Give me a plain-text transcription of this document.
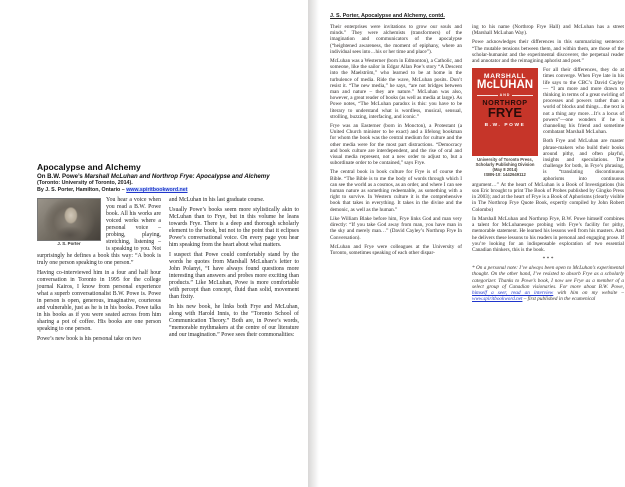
Apocalypse and Alchemy
On B.W. Powe’s Marshall McLuhan and Northrop Frye: Apocalypse and Alchemy
(Toronto: University of Toronto, 2014).
By J. S. Porter, Hamilton, Ontario – www.spiritbookword.net
J. S. Porter

You hear a voice when you read a B.W. Powe book. All his works are voiced works where a personal voice – probing, playing, stretching, listening – is speaking to you. Not surprisingly he defines a book this way: “A book is truly one person speaking to one person.”

Having co-interviewed him in a four and half hour conversation in Toronto in 1995 for the college journal Kairos, I know from personal experience what a superb conversationalist B.W. Powe is. Powe in person is open, generous, imaginative, courteous and vulnerable, just as he is in his books. Powe talks in his books as if you were seated across from him sharing a pot of coffee. His books are one person speaking to one person.

Powe’s new book is his personal take on two

and McLuhan in his last graduate course.

Usually Powe’s books seem more stylistically akin to McLuhan than to Frye, but in this volume he leans towards Frye. There is a deep and thorough scholarly element to the book, but not to the point that it eclipses Powe’s conversational voice. On every page you hear him speaking from the heart about what matters.

I suspect that Powe could comfortably stand by the words he quotes from Marshall McLuhan’s letter to John Polanyi, “I have always found questions more interesting than answers and probes more exciting than products.” Like McLuhan, Powe is more comfortable with percept than concept, fluid than solid, movement than fixity.

In his new book, he links both Frye and McLuhan, along with Harold Innis, to the “Toronto School of Communication Theory.” Both are, in Powe’s words, “memorable mythmakers at the centre of our literature and our imagination.” Powe sees their commonalities:

J. S. Porter, Apocalypse and Alchemy, contd.

Their enterprises were invitations to grow our souls and minds.” They were alchemists (transformers) of the imagination and communicators of the apocalypse (“heightened awareness, the moment of epiphany, where an individual sees into…his or her time and place”).

McLuhan was a Westerner (born in Edmonton), a Catholic, and someone, like the sailor in Edgar Allan Poe’s story “A Descent into the Maelström,” who learned to be at home in the turbulence of media. Ride the wave, McLuhan posits. Don’t resist it. “The new media,” he says, “are not bridges between man and nature – they are nature.” McLuhan was also, however, a great reader of books (as well as media at large). As Powe notes, “The McLuhan paradox is this: you have to be literary to understand what is wordless, musical, sensual, strolling, buzzing, interfacing, and iconic.”

Frye was an Easterner (born in Moncton), a Protestant (a United Church minister to be exact) and a lifelong bookman for whom the book was the central medium for culture and the other media were for the most part distractions. “Democracy and book culture are interdependent, and the rise of oral and visual media represent, not a new order to adjust to, but a subordinate order to be contained,” says Frye.

The central book in book culture for Frye is of course the Bible. “The Bible is to me the body of words through which I can see the world as a cosmos, as an order, and where I can see human nature as something redeemable, as something with a right to survive. In Western culture it is the comprehensive book that takes in everything. It takes in the divine and the demonic, as well as the human.”

Like William Blake before him, Frye links God and man very directly: “If you take God away from man, you have man in the sky and merely man…” (David Cayley’s Northrop Frye In Conversation).

McLuhan and Frye were colleagues at the University of Toronto, sometimes speaking of each other dispar-

ing to his name (Northrop Frye Hall) and McLuhan has a street (Marshall McLuhan Way).

Powe acknowledges their differences in this summarizing sentence: “The mutable tensions between them, and within them, are those of the scholar-humanist and the experimental discoverer, the perpetual reader and annotator and the reimagining aphorist and poet.”

MARSHALL
McLUHAN
AND
NORTHROP
FRYE
B.W. POWE
University of Toronto Press,
Scholarly Publishing Division
(May 8 2014)
ISBN-10: 1442649112

For all their differences, they do at times converge. When Frye late in his life says to the CBC’s David Cayley — “I am more and more drawn to thinking in terms of a great swirling of processes and powers rather than a world of blocks and things…the text is not a thing any more…It’s a locus of powers”—one wonders if he is channeling his friend and sometime combatant Marshall McLuhan.

Both Frye and McLuhan are master phrase-makers who build their books around pithy, and often playful, insights and speculations. The challenge for both, in Frye’s phrasing, is “translating discontinuous aphorisms into continuous argument…” At the heart of McLuhan is a Book of Investigations (his son Eric brought to print The Book of Probes published by Gingko Press in 2003); and at the heart of Frye is a Book of Aphorisms (clearly visible in The Northrop Frye Quote Book, expertly compiled by John Robert Colombo)

In Marshall McLuhan and Northrop Frye, B.W. Powe himself combines a talent for McLuhanesque probing with Frye’s facility for pithy, memorable statement. He learned his lessons well from his masters. And he delivers these lessons to his readers in personal and engaging prose. If you’re looking for an indispensable exploration of two essential Canadian thinkers, this is the book.

* * *

* On a personal note: I’ve always been open to McLuhan’s experimental thought. On the other hand, I’ve resisted to absorb Frye as a scholarly categorizer. Thanks to Powe’s book, I now see Frye as a member of a select group of Canadian visionaries. For more about B.W. Powe, himself a seer, read an interview with him on my website – www.spiritbookword.net – first published in the ecumenical
